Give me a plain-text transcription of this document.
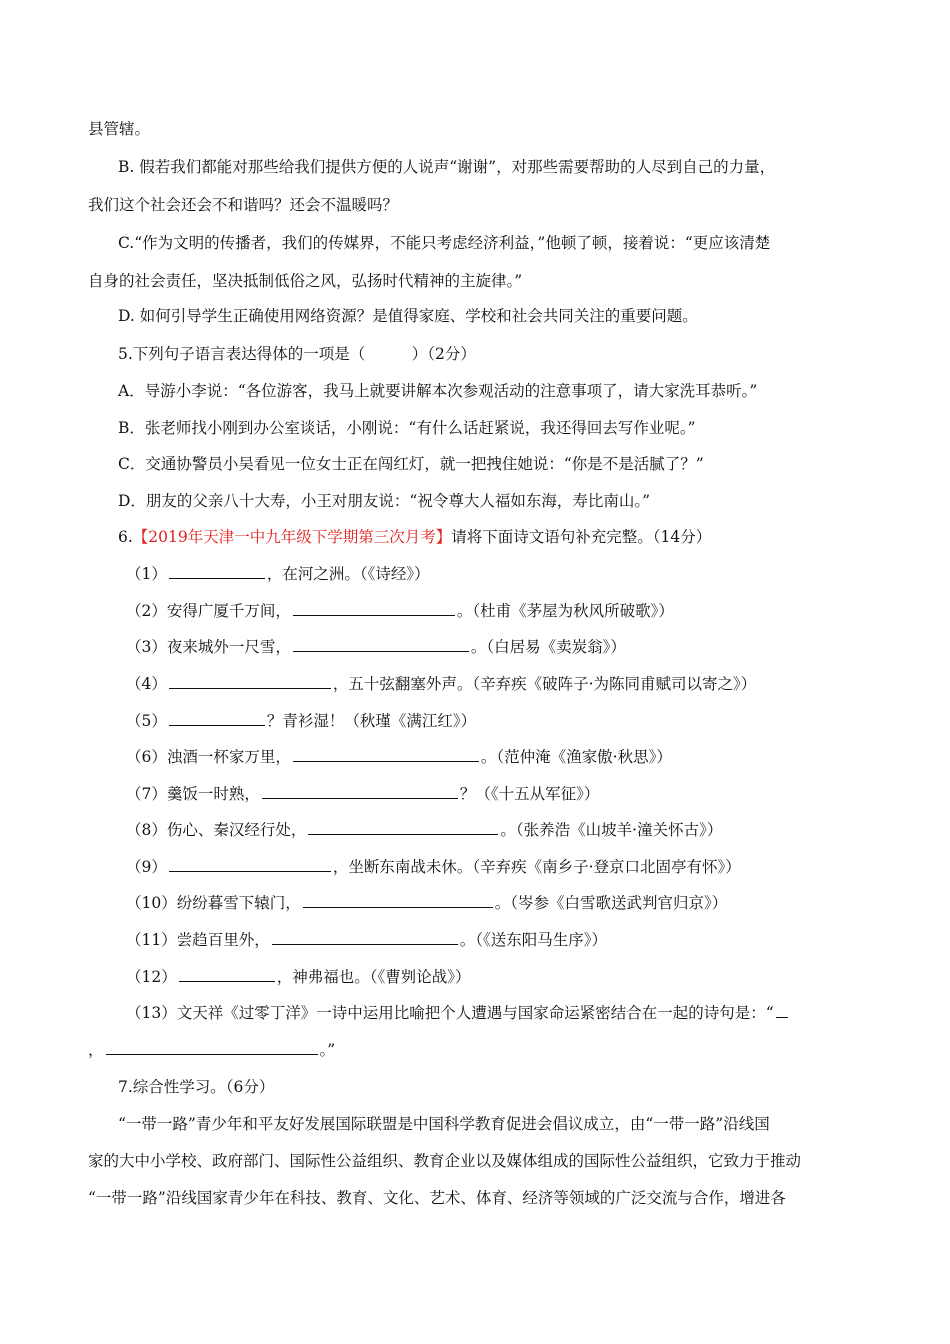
县管辖。
B. 假若我们都能对那些给我们提供方便的人说声“谢谢”，对那些需要帮助的人尽到自己的力量，
我们这个社会还会不和谐吗？还会不温暖吗？
C.“作为文明的传播者，我们的传媒界，不能只考虑经济利益，”他顿了顿，接着说：“更应该清楚
自身的社会责任，坚决抵制低俗之风，弘扬时代精神的主旋律。”
D. 如何引导学生正确使用网络资源？是值得家庭、学校和社会共同关注的重要问题。
5.下列句子语言表达得体的一项是（　　　）（2分）
A．导游小李说：“各位游客，我马上就要讲解本次参观活动的注意事项了，请大家洗耳恭听。”
B．张老师找小刚到办公室谈话，小刚说：“有什么话赶紧说，我还得回去写作业呢。”
C．交通协警员小吴看见一位女士正在闯红灯，就一把拽住她说：“你是不是活腻了？”
D．朋友的父亲八十大寿，小王对朋友说：“祝令尊大人福如东海，寿比南山。”
6.【2019年天津一中九年级下学期第三次月考】请将下面诗文语句补充完整。（14分）
（1）	，在河之洲。（《诗经》）
（2）安得广厦千万间，	。（杜甫《茅屋为秋风所破歌》）
（3）夜来城外一尺雪，	。（白居易《卖炭翁》）
（4）	，五十弦翻塞外声。（辛弃疾《破阵子·为陈同甫赋司以寄之》）
（5）	？青衫湿！（秋瑾《满江红》）
（6）浊酒一杯家万里，	。（范仲淹《渔家傲·秋思》）
（7）羹饭一时熟，	？（《十五从军征》）
（8）伤心、秦汉经行处，	。（张养浩《山坡羊·潼关怀古》）
（9）	，坐断东南战未休。（辛弃疾《南乡子·登京口北固亭有怀》）
（10）纷纷暮雪下辕门，	。（岑参《白雪歌送武判官归京》）
（11）尝趋百里外，	。（《送东阳马生序》）
（12）	，神弗福也。（《曹刿论战》）
（13）文天祥《过零丁洋》一诗中运用比喻把个人遭遇与国家命运紧密结合在一起的诗句是：“
，	。”
7.综合性学习。（6分）
“一带一路”青少年和平友好发展国际联盟是中国科学教育促进会倡议成立，由“一带一路”沿线国
家的大中小学校、政府部门、国际性公益组织、教育企业以及媒体组成的国际性公益组织，它致力于推动
“一带一路”沿线国家青少年在科技、教育、文化、艺术、体育、经济等领域的广泛交流与合作，增进各
